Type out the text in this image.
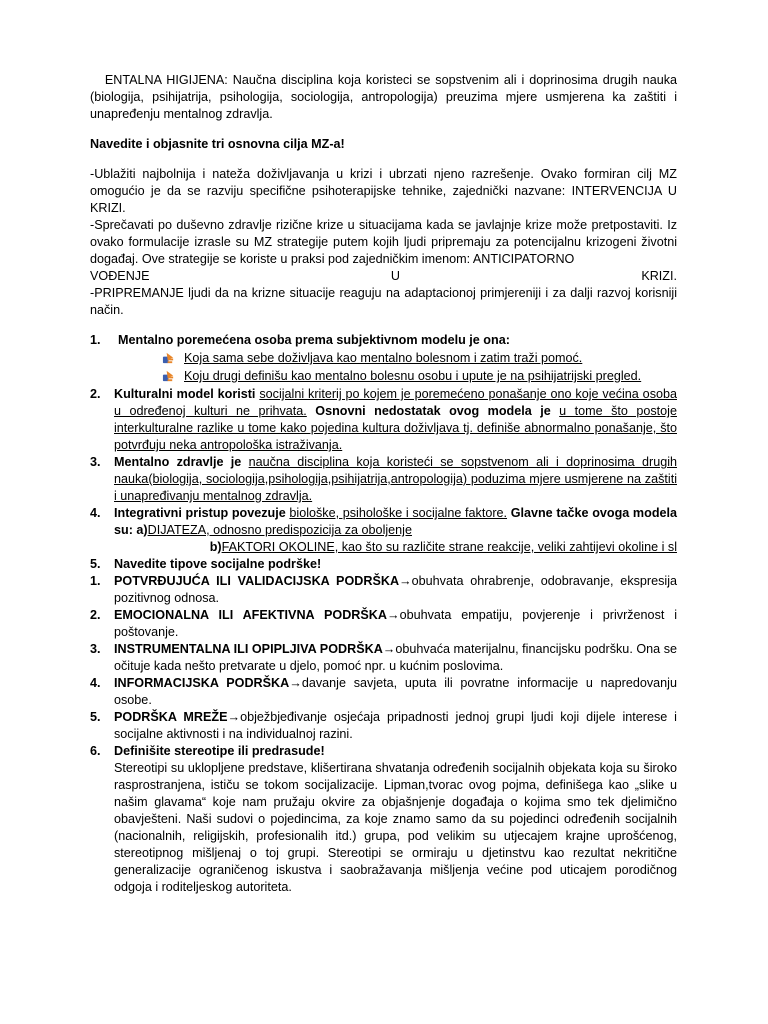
ENTALNA HIGIJENA: Naučna disciplina koja koristeci se sopstvenim ali i doprinosima drugih nauka (biologija, psihijatrija, psihologija, sociologija, antropologija) preuzima mjere usmjerena ka zaštiti i unapređenju mentalnog zdravlja.

Navedite i objasnite tri osnovna cilja MZ-a!

-Ublažiti najbolnija i nateža doživljavanja u krizi i ubrzati njeno razrešenje. Ovako formiran cilj MZ omogućio je da se razviju specifične psihoterapijske tehnike, zajednički nazvane: INTERVENCIJA U KRIZI.

-Sprečavati po duševno zdravlje rizične krize u situacijama kada se javlajnje krize može pretpostaviti. Iz ovako formulacije izrasle su MZ strategije putem kojih ljudi pripremaju za potencijalnu krizogeni životni događaj. Ove strategije se koriste u praksi pod zajedničkim imenom: ANTICIPATORNO

VOĐENJE	U	KRIZI.

-PRIPREMANJE ljudi da na krizne situacije reaguju na adaptacionoj primjereniji i za dalji razvoj korisniji način.

1. Mentalno poremećena osoba prema subjektivnom modelu je ona:
Koja sama sebe doživljava kao mentalno bolesnom i zatim traži pomoć.
Koju drugi definišu kao mentalno bolesnu osobu i upute je na psihijatrijski pregled.
2. Kulturalni model koristi socijalni kriterij po kojem je poremećeno ponašanje ono koje većina osoba u određenoj kulturi ne prihvata. Osnovni nedostatak ovog modela je u tome što postoje interkulturalne razlike u tome kako pojedina kultura doživljava tj. definiše abnormalno ponašanje, što potvrđuju neka antropološka istraživanja.
3. Mentalno zdravlje je naučna disciplina koja koristeći se sopstvenom ali i doprinosima drugih nauka(biologija, sociologija,psihologija,psihijatrija,antropologija) poduzima mjere usmjerene na zaštiti i unapređivanju mentalnog zdravlja.
4. Integrativni pristup povezuje biološke, psihološke i socijalne faktore. Glavne tačke ovoga modela su: a)DIJATEZA, odnosno predispozicija za oboljenje
b)FAKTORI OKOLINE, kao što su različite strane reakcije, veliki zahtijevi okoline i sl
5. Navedite tipove socijalne podrške!
1. POTVRĐUJUĆA ILI VALIDACIJSKA PODRŠKA→obuhvata ohrabrenje, odobravanje, ekspresija pozitivnog odnosa.
2. EMOCIONALNA ILI AFEKTIVNA PODRŠKA→obuhvata empatiju, povjerenje i privrženost i poštovanje.
3. INSTRUMENTALNA ILI OPIPLJIVA PODRŠKA→obuhvaća materijalnu, financijsku podršku. Ona se očituje kada nešto pretvarate u djelo, pomoć npr. u kućnim poslovima.
4. INFORMACIJSKA PODRŠKA→davanje savjeta, uputa ili povratne informacije u napredovanju osobe.
5. PODRŠKA MREŽE→obježbjeđivanje osjećaja pripadnosti jednoj grupi ljudi koji dijele interese i socijalne aktivnosti i na individualnoj razini.
6. Definišite stereotipe ili predrasude!
Stereotipi su ukloplјene predstave, klišertirana shvatanja određenih socijalnih objekata koja su široko rasprostranjena, ističu se tokom socijalizacije. Lipman,tvorac ovog pojma, definišega kao „slike u našim glavama“ koje nam pružaju okvire za objašnjenje događaja o kojima smo tek djelimično obavješteni. Naši sudovi o pojedincima, za koje znamo samo da su pojedinci određenih socijalnih (nacionalnih, religijskih, profesionalih itd.) grupa, pod velikim su utjecajem krajne uprošćenog, stereotipnog mišljenaj o toj grupi. Stereotipi se ormiraju u djetinstvu kao rezultat nekritične generalizacije ograničenog iskustva i saobražavanja mišljenja većine pod uticajem porodičnog odgoja i roditeljeskog autoriteta.
